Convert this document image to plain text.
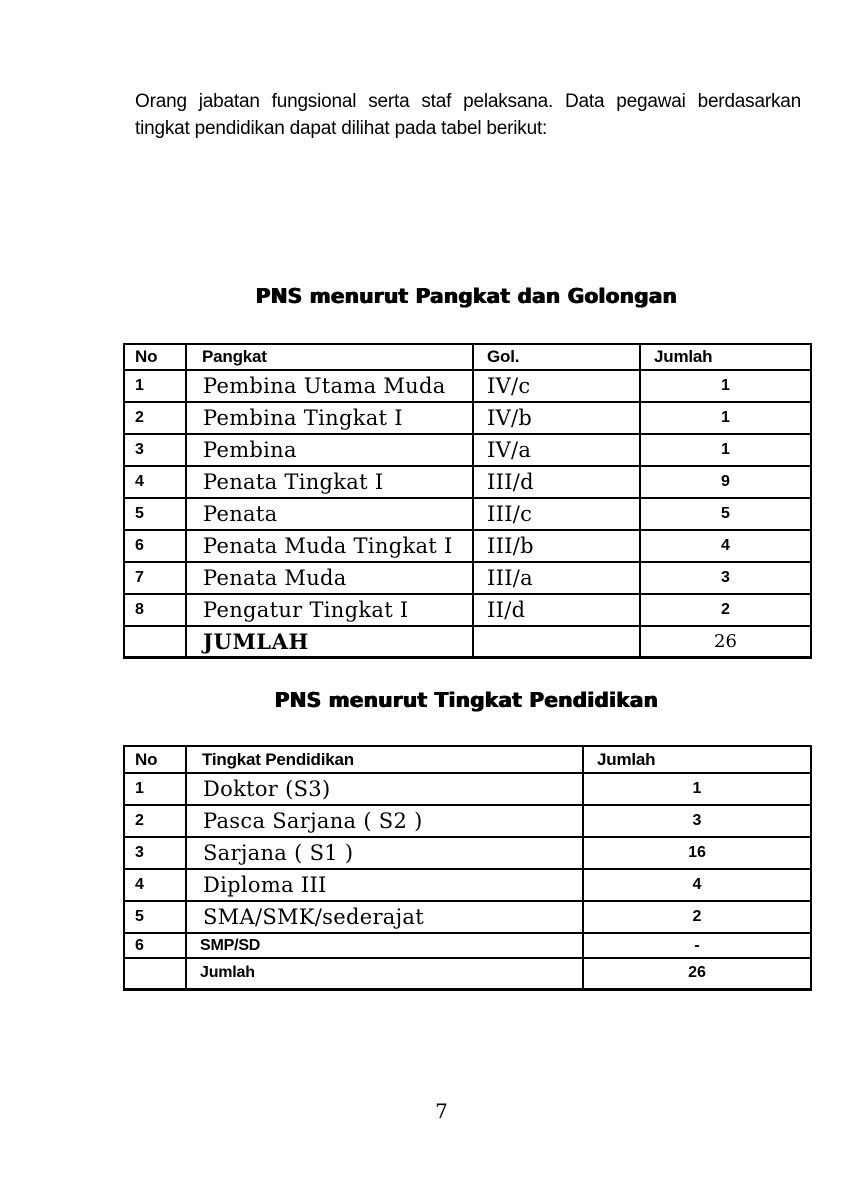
Orang jabatan fungsional serta staf pelaksana. Data pegawai berdasarkan tingkat pendidikan dapat dilihat pada tabel berikut:

PNS menurut Pangkat dan Golongan
No	Pangkat	Gol.	Jumlah
1	Pembina Utama Muda	IV/c	1
2	Pembina Tingkat I	IV/b	1
3	Pembina	IV/a	1
4	Penata Tingkat I	III/d	9
5	Penata	III/c	5
6	Penata Muda Tingkat I	III/b	4
7	Penata Muda	III/a	3
8	Pengatur Tingkat I	II/d	2
	JUMLAH		26
PNS menurut Tingkat Pendidikan
No	Tingkat Pendidikan	Jumlah
1	Doktor (S3)	1
2	Pasca Sarjana ( S2 )	3
3	Sarjana ( S1 )	16
4	Diploma III	4
5	SMA/SMK/sederajat	2
6	SMP/SD	-
	Jumlah	26
7
